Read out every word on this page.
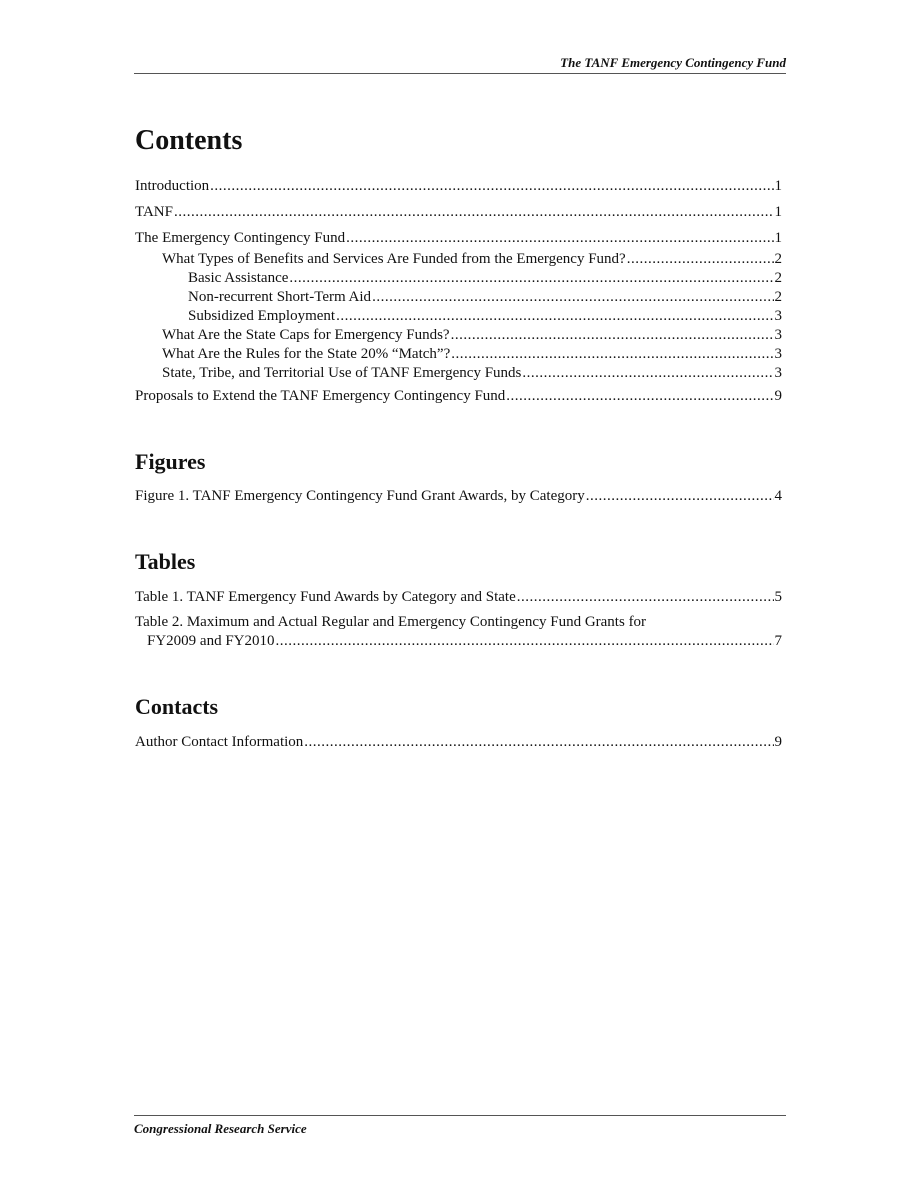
The TANF Emergency Contingency Fund
Contents
Introduction .....	1
TANF .....	1
The Emergency Contingency Fund .....	1
What Types of Benefits and Services Are Funded from the Emergency Fund? .....	2
Basic Assistance .....	2
Non-recurrent Short-Term Aid .....	2
Subsidized Employment .....	3
What Are the State Caps for Emergency Funds? .....	3
What Are the Rules for the State 20% “Match”? .....	3
State, Tribe, and Territorial Use of TANF Emergency Funds .....	3
Proposals to Extend the TANF Emergency Contingency Fund .....	9
Figures
Figure 1. TANF Emergency Contingency Fund Grant Awards, by Category .....	4
Tables
Table 1. TANF Emergency Fund Awards by Category and State .....	5
Table 2. Maximum and Actual Regular and Emergency Contingency Fund Grants for
FY2009 and FY2010 .....	7
Contacts
Author Contact Information .....	9
Congressional Research Service
